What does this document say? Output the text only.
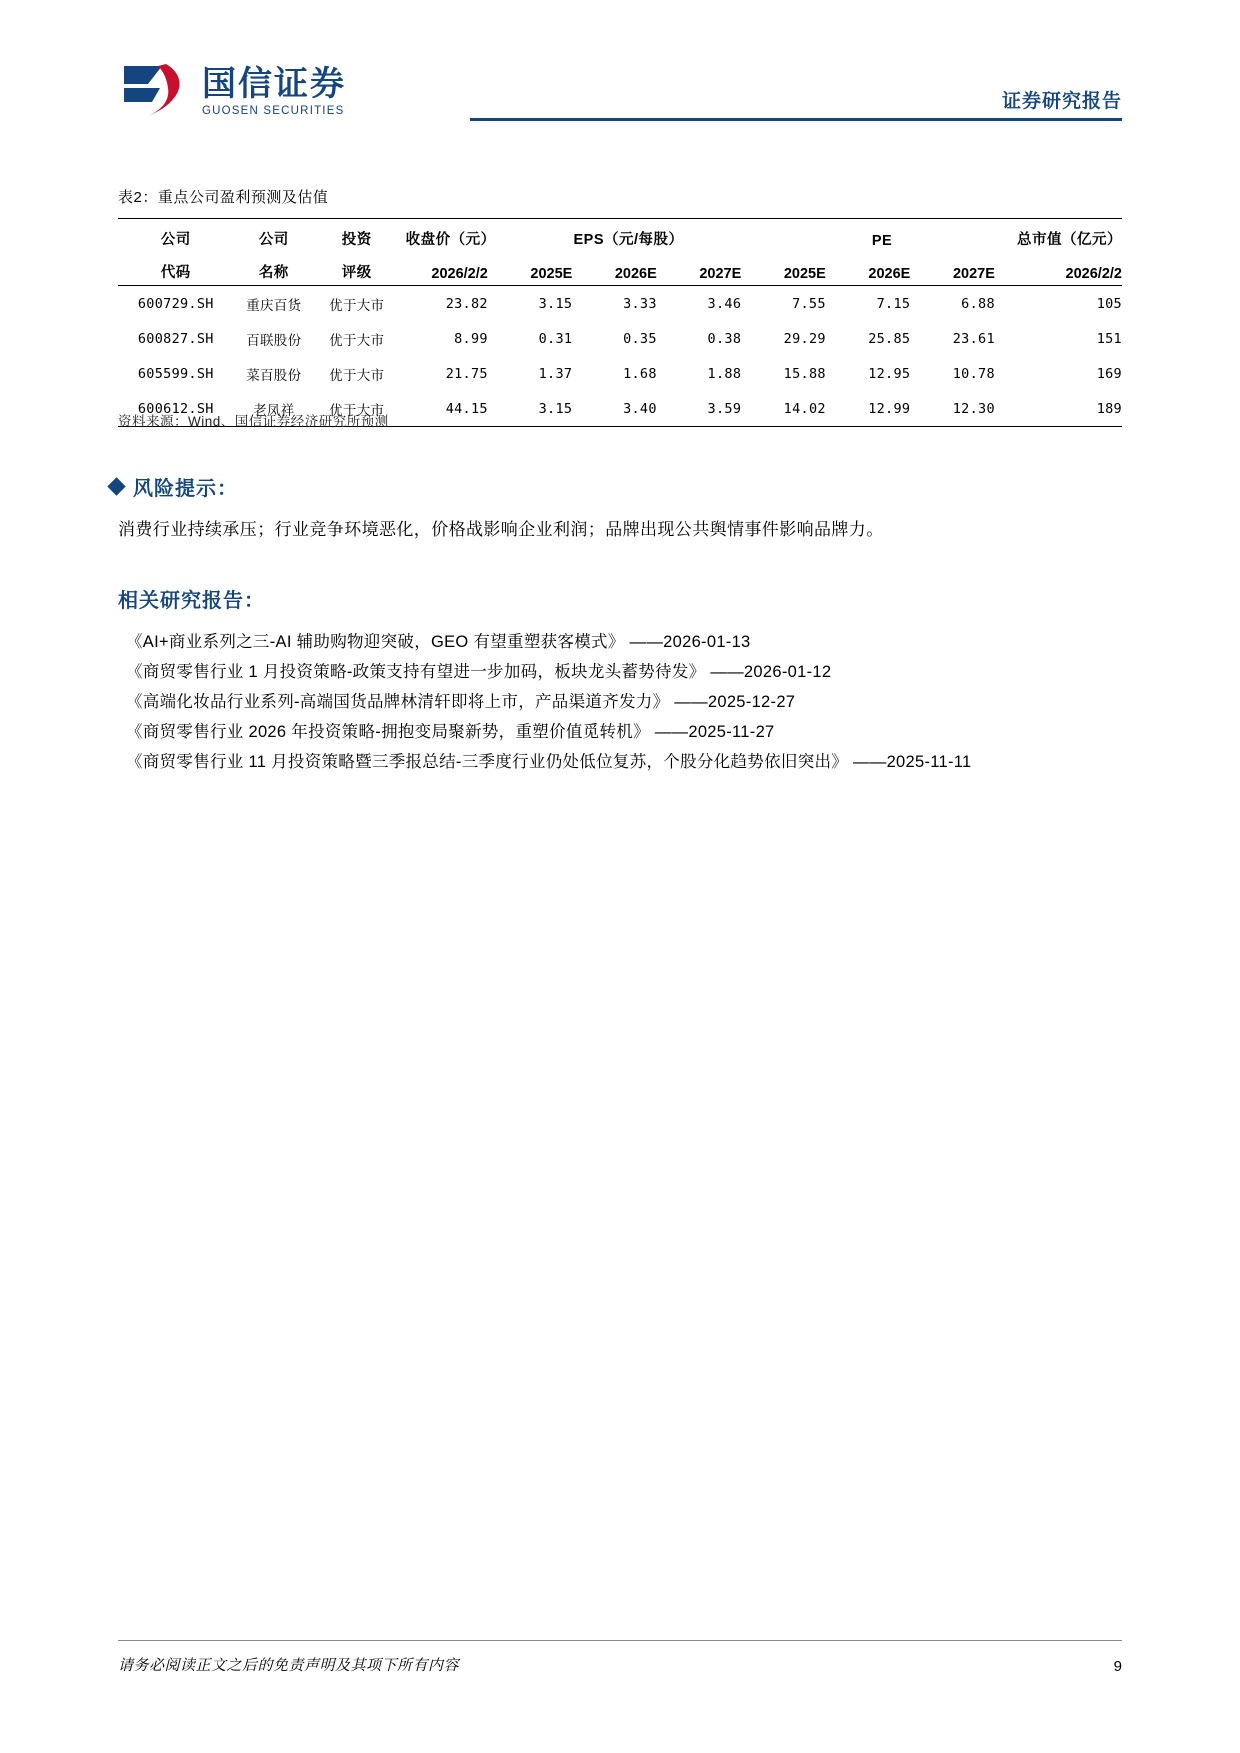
国信证券
GUOSEN SECURITIES	证券研究报告
表2：重点公司盈利预测及估值
公司	公司	投资	收盘价（元）	EPS（元/每股）			PE			总市值（亿元）
代码	名称	评级	2026/2/2	2025E	2026E	2027E	2025E	2026E	2027E	2026/2/2
600729.SH	重庆百货	优于大市	23.82	3.15	3.33	3.46	7.55	7.15	6.88	105
600827.SH	百联股份	优于大市	8.99	0.31	0.35	0.38	29.29	25.85	23.61	151
605599.SH	菜百股份	优于大市	21.75	1.37	1.68	1.88	15.88	12.95	10.78	169
600612.SH	老凤祥	优于大市	44.15	3.15	3.40	3.59	14.02	12.99	12.30	189
资料来源：Wind、国信证券经济研究所预测
风险提示：
消费行业持续承压；行业竞争环境恶化，价格战影响企业利润；品牌出现公共舆情事件影响品牌力。
相关研究报告：
《AI+商业系列之三-AI 辅助购物迎突破，GEO 有望重塑获客模式》 ——2026-01-13
《商贸零售行业 1 月投资策略-政策支持有望进一步加码，板块龙头蓄势待发》 ——2026-01-12
《高端化妆品行业系列-高端国货品牌林清轩即将上市，产品渠道齐发力》 ——2025-12-27
《商贸零售行业 2026 年投资策略-拥抱变局聚新势，重塑价值觅转机》 ——2025-11-27
《商贸零售行业 11 月投资策略暨三季报总结-三季度行业仍处低位复苏，个股分化趋势依旧突出》 ——2025-11-11
请务必阅读正文之后的免责声明及其项下所有内容	9
